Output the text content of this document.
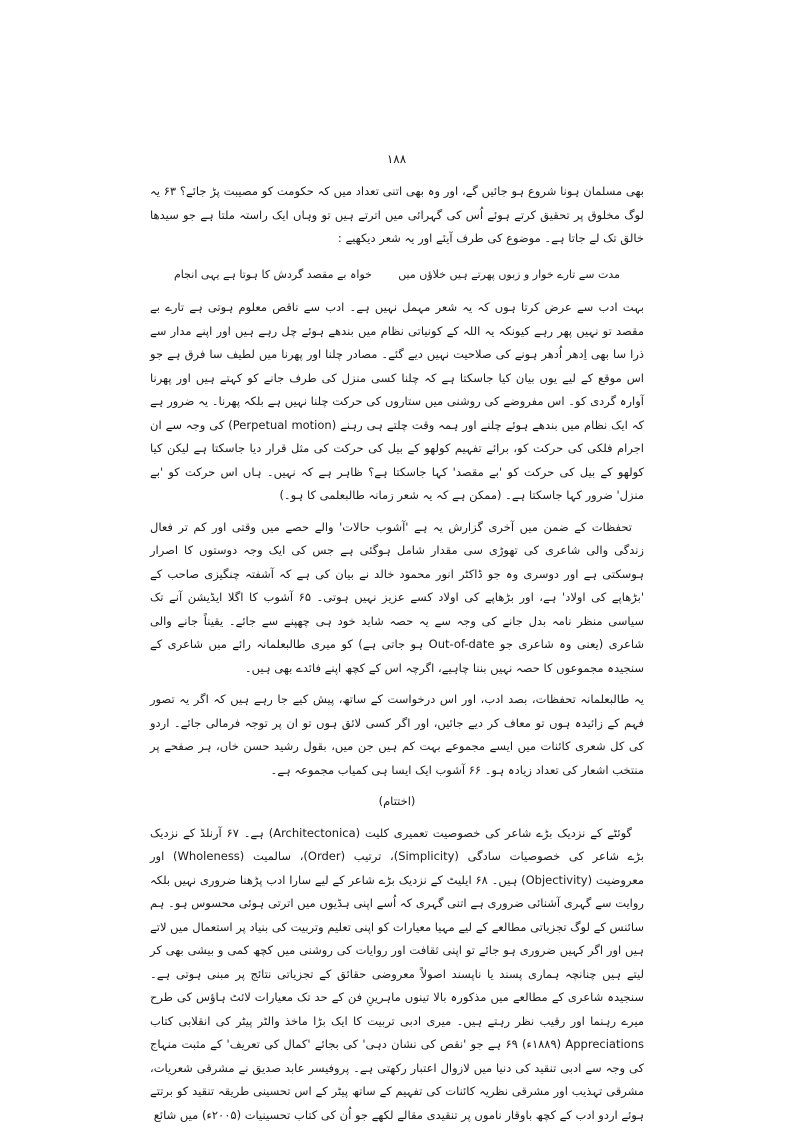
۱۸۸

بھی مسلمان ہونا شروع ہو جائیں گے، اور وہ بھی اتنی تعداد میں کہ حکومت کو مصیبت پڑ جائے؟ ۶۳ یہ لوگ مخلوق پر تحقیق کرتے ہوئے اُس کی گہرائی میں اترتے ہیں تو وہاں ایک راستہ ملتا ہے جو سیدھا خالق تک لے جاتا ہے۔ موضوع کی طرف آیئے اور یہ شعر دیکھیے :

مدت سے تارے خوار و زبوں پھرتے ہیں خلاؤں میں
خواہ بے مقصد گردش کا ہوتا ہے یہی انجام

بہت ادب سے عرض کرتا ہوں کہ یہ شعر مہمل نہیں ہے۔ ادب سے ناقص معلوم ہوتی ہے تارے بے مقصد تو نہیں پھر رہے کیونکہ یہ اللہ کے کونیاتی نظام میں بندھے ہوئے چل رہے ہیں اور اپنے مدار سے ذرا سا بھی اِدھر اُدھر ہونے کی صلاحیت نہیں دیے گئے۔ مصادر چلنا اور پھرنا میں لطیف سا فرق ہے جو اس موقع کے لیے یوں بیان کیا جاسکتا ہے کہ چلنا کسی منزل کی طرف جانے کو کہتے ہیں اور پھرنا آوارہ گردی کو۔ اس مفروضے کی روشنی میں ستاروں کی حرکت چلنا نہیں ہے بلکہ پھرنا۔ یہ ضرور ہے کہ ایک نظام میں بندھے ہوئے چلنے اور ہمہ وقت چلتے ہی رہنے (Perpetual motion) کی وجہ سے ان اجرام فلکی کی حرکت کو، برائے تفہیم کولھو کے بیل کی حرکت کی مثل قرار دیا جاسکتا ہے لیکن کیا کولھو کے بیل کی حرکت کو 'بے مقصد' کہا جاسکتا ہے؟ ظاہر ہے کہ نہیں۔ ہاں اس حرکت کو 'بے منزل' ضرور کہا جاسکتا ہے۔ (ممکن ہے کہ یہ شعر زمانہ طالبعلمی کا ہو۔)

تحفظات کے ضمن میں آخری گزارش یہ ہے 'آشوب حالات' والے حصے میں وقتی اور کم تر فعال زندگی والی شاعری کی تھوڑی سی مقدار شامل ہوگئی ہے جس کی ایک وجہ دوستوں کا اصرار ہوسکتی ہے اور دوسری وہ جو ڈاکٹر انور محمود خالد نے بیان کی ہے کہ آشفتہ چنگیزی صاحب کے 'بڑھاپے کی اولاد' ہے، اور بڑھاپے کی اولاد کسے عزیز نہیں ہوتی۔ ۶۵ آشوب کا اگلا ایڈیشن آنے تک سیاسی منظر نامہ بدل جانے کی وجہ سے یہ حصہ شاید خود ہی چھپنے سے جائے۔ یقیناً جانے والی شاعری (یعنی وہ شاعری جو Out-of-date ہو جاتی ہے) کو میری طالبعلمانہ رائے میں شاعری کے سنجیدہ مجموعوں کا حصہ نہیں بننا چاہیے، اگرچہ اس کے کچھ اپنے فائدے بھی ہیں۔

یہ طالبعلمانہ تحفظات، بصد ادب، اور اس درخواست کے ساتھ، پیش کیے جا رہے ہیں کہ اگر یہ تصور فہم کے زائیدہ ہوں تو معاف کر دیے جائیں، اور اگر کسی لائق ہوں تو ان پر توجہ فرمالی جائے۔ اردو کی کل شعری کائنات میں ایسے مجموعے بہت کم ہیں جن میں، بقول رشید حسن خاں، ہر صفحے پر منتخب اشعار کی تعداد زیادہ ہو۔ ۶۶ آشوب ایک ایسا ہی کمیاب مجموعہ ہے۔

(اختتام)

گوئٹے کے نزدیک بڑے شاعر کی خصوصیت تعمیری کلیت (Architectonica) ہے۔ ۶۷ آرنلڈ کے نزدیک بڑے شاعر کی خصوصیات سادگی (Simplicity)، ترتیب (Order)، سالمیت (Wholeness) اور معروضیت (Objectivity) ہیں۔ ۶۸ ایلیٹ کے نزدیک بڑے شاعر کے لیے سارا ادب پڑھنا ضروری نہیں بلکہ روایت سے گہری آشنائی ضروری ہے اتنی گہری کہ اُسے اپنی ہڈیوں میں اترتی ہوئی محسوس ہو۔ ہم سائنس کے لوگ تجزیاتی مطالعے کے لیے مہیا معیارات کو اپنی تعلیم وتربیت کی بنیاد پر استعمال میں لاتے ہیں اور اگر کہیں ضروری ہو جائے تو اپنی ثقافت اور روایات کی روشنی میں کچھ کمی و بیشی بھی کر لیتے ہیں چنانچہ ہماری پسند یا ناپسند اصولاً معروضی حقائق کے تجزیاتی نتائج پر مبنی ہوتی ہے۔ سنجیدہ شاعری کے مطالعے میں مذکورہ بالا تینوں ماہرینِ فن کے حد تک معیارات لائٹ ہاؤس کی طرح میرے رہنما اور رقیب نظر رہتے ہیں۔ میری ادبی تربیت کا ایک بڑا ماخذ والٹر پیٹر کی انقلابی کتاب Appreciations (۱۸۸۹ء) ۶۹ ہے جو 'نقص کی نشان دہی' کی بجائے 'کمال کی تعریف' کے مثبت منہاج کی وجہ سے ادبی تنقید کی دنیا میں لازوال اعتبار رکھتی ہے۔ پروفیسر عابد صدیق نے مشرقی شعریات، مشرقی تہذیب اور مشرقی نظریہ کائنات کی تفہیم کے ساتھ پیٹر کے اس تحسینی طریقہ تنقید کو برتتے ہوئے اردو ادب کے کچھ باوقار ناموں پر تنقیدی مقالے لکھے جو اُن کی کتاب تحسینیات (۲۰۰۵ء) میں شائع
